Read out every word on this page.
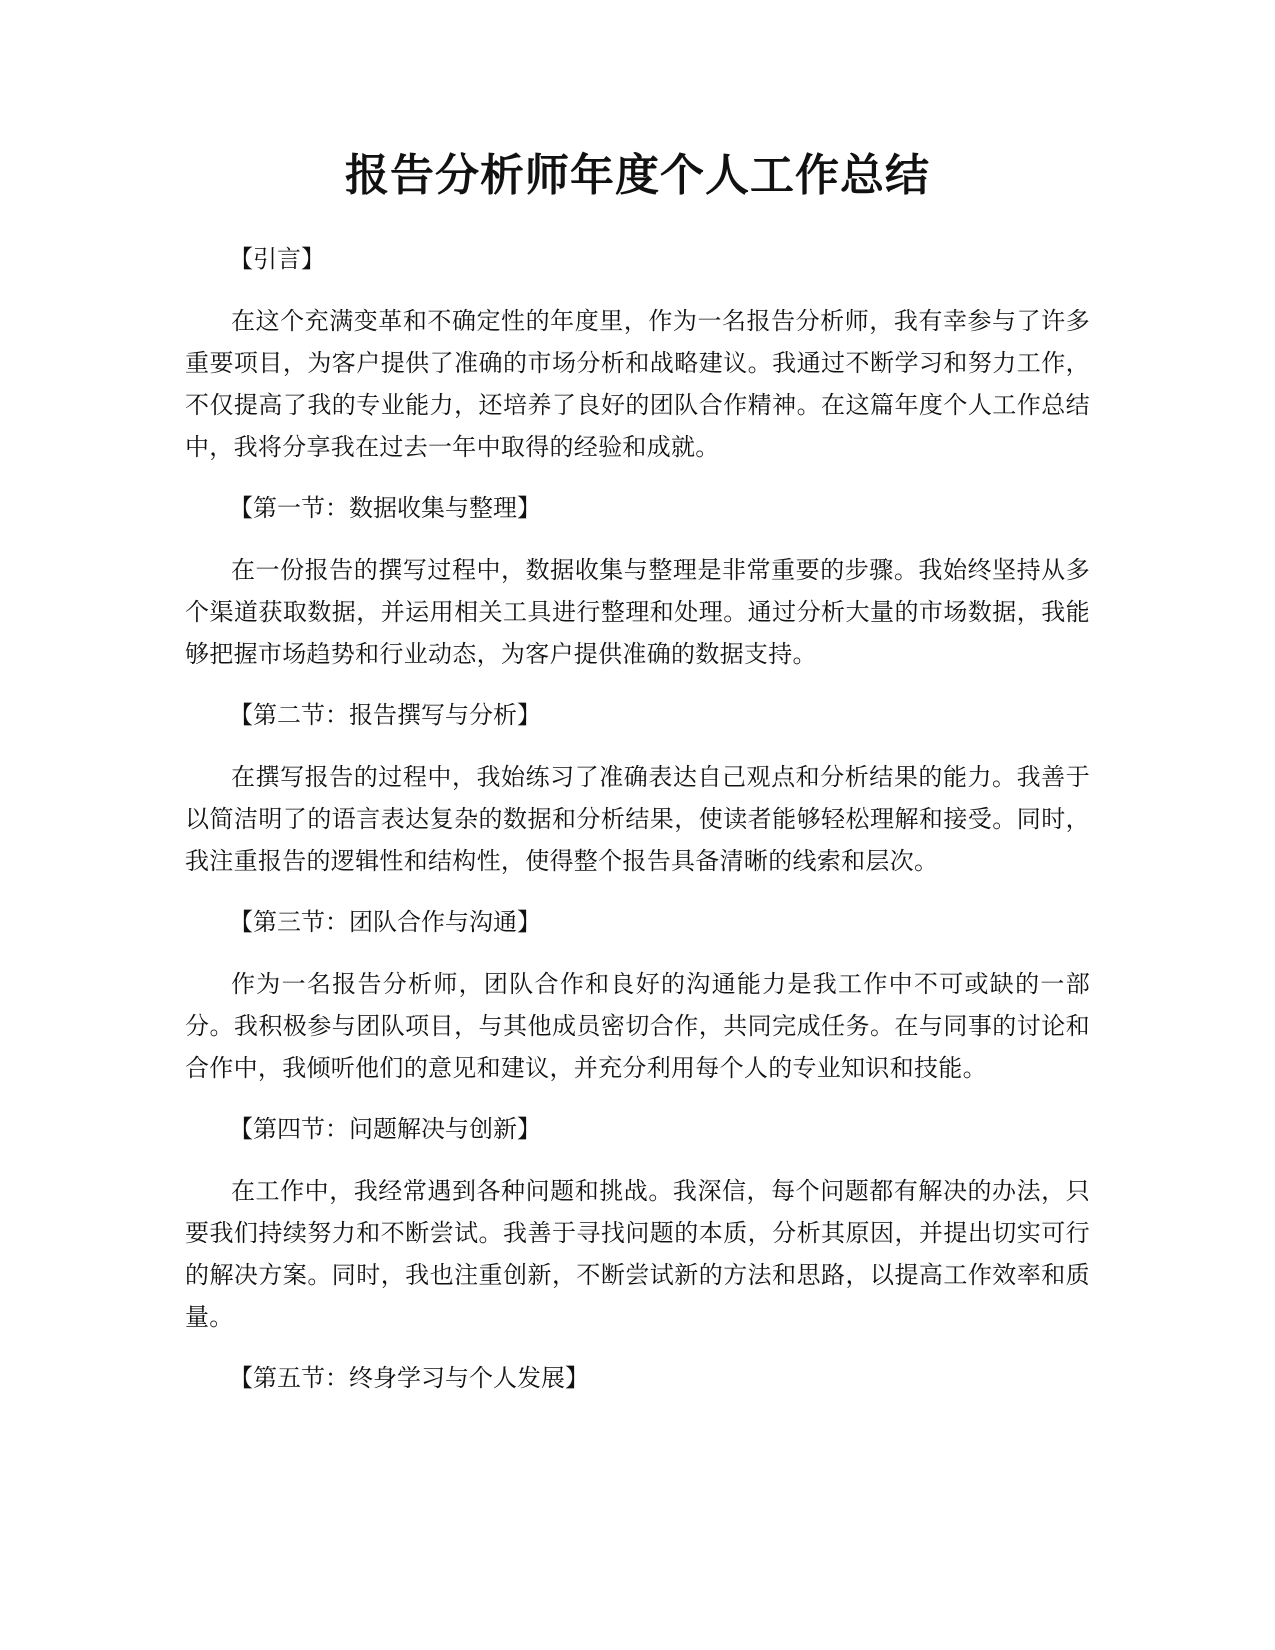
报告分析师年度个人工作总结
【引言】

在这个充满变革和不确定性的年度里，作为一名报告分析师，我有幸参与了许多重要项目，为客户提供了准确的市场分析和战略建议。我通过不断学习和努力工作，不仅提高了我的专业能力，还培养了良好的团队合作精神。在这篇年度个人工作总结中，我将分享我在过去一年中取得的经验和成就。

【第一节：数据收集与整理】

在一份报告的撰写过程中，数据收集与整理是非常重要的步骤。我始终坚持从多个渠道获取数据，并运用相关工具进行整理和处理。通过分析大量的市场数据，我能够把握市场趋势和行业动态，为客户提供准确的数据支持。

【第二节：报告撰写与分析】

在撰写报告的过程中，我始练习了准确表达自己观点和分析结果的能力。我善于以简洁明了的语言表达复杂的数据和分析结果，使读者能够轻松理解和接受。同时，我注重报告的逻辑性和结构性，使得整个报告具备清晰的线索和层次。

【第三节：团队合作与沟通】

作为一名报告分析师，团队合作和良好的沟通能力是我工作中不可或缺的一部分。我积极参与团队项目，与其他成员密切合作，共同完成任务。在与同事的讨论和合作中，我倾听他们的意见和建议，并充分利用每个人的专业知识和技能。

【第四节：问题解决与创新】

在工作中，我经常遇到各种问题和挑战。我深信，每个问题都有解决的办法，只要我们持续努力和不断尝试。我善于寻找问题的本质，分析其原因，并提出切实可行的解决方案。同时，我也注重创新，不断尝试新的方法和思路，以提高工作效率和质量。

【第五节：终身学习与个人发展】
